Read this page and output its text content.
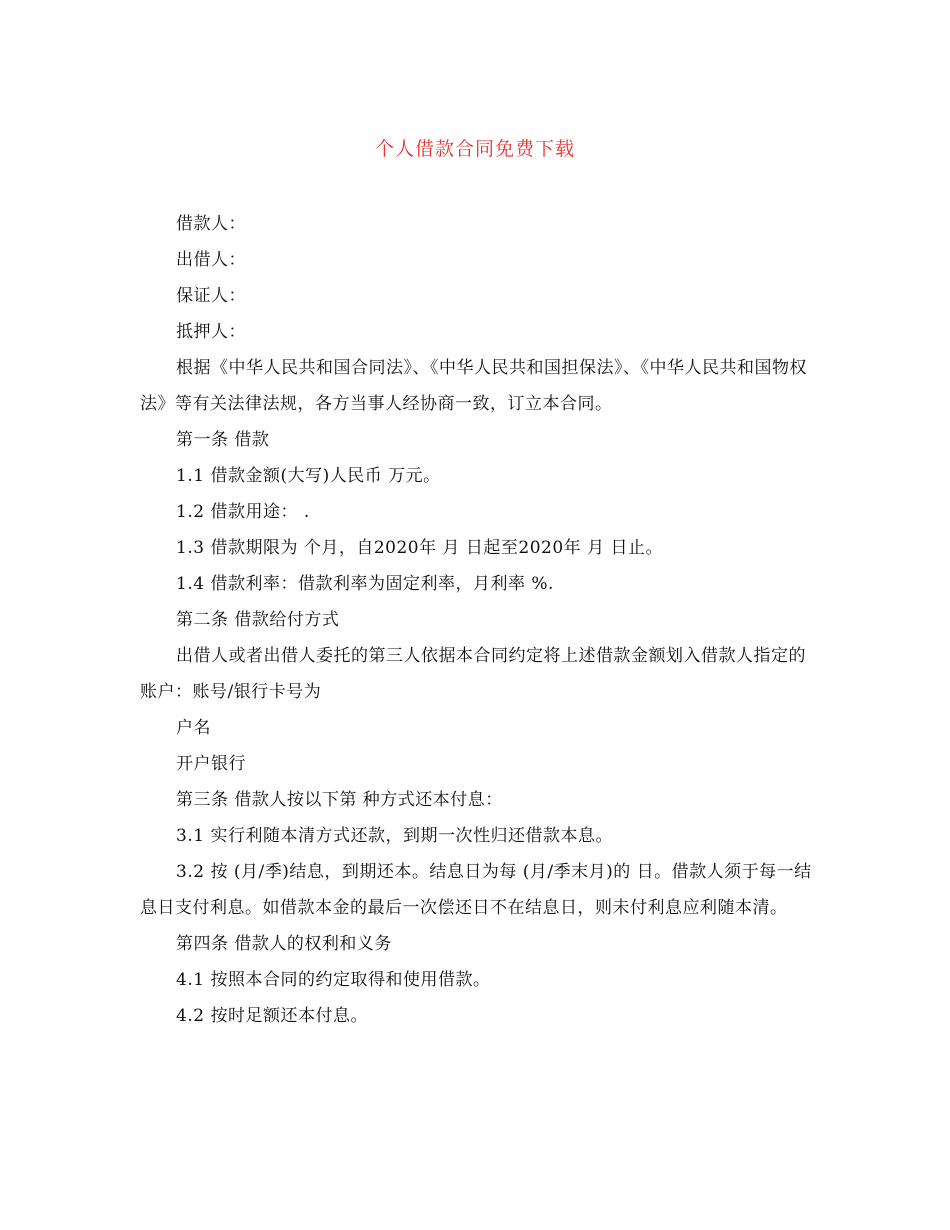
个人借款合同免费下载

借款人：

出借人：

保证人：

抵押人：

根据《中华人民共和国合同法》、《中华人民共和国担保法》、《中华人民共和国物权法》等有关法律法规，各方当事人经协商一致，订立本合同。

第一条 借款

1.1 借款金额(大写)人民币 万元。

1.2 借款用途： .

1.3 借款期限为 个月，自2020年 月 日起至2020年 月 日止。

1.4 借款利率：借款利率为固定利率，月利率 %.

第二条 借款给付方式

出借人或者出借人委托的第三人依据本合同约定将上述借款金额划入借款人指定的账户：账号/银行卡号为

户名

开户银行

第三条 借款人按以下第 种方式还本付息：

3.1 实行利随本清方式还款，到期一次性归还借款本息。

3.2 按 (月/季)结息，到期还本。结息日为每 (月/季末月)的 日。借款人须于每一结息日支付利息。如借款本金的最后一次偿还日不在结息日，则未付利息应利随本清。

第四条 借款人的权利和义务

4.1 按照本合同的约定取得和使用借款。

4.2 按时足额还本付息。
